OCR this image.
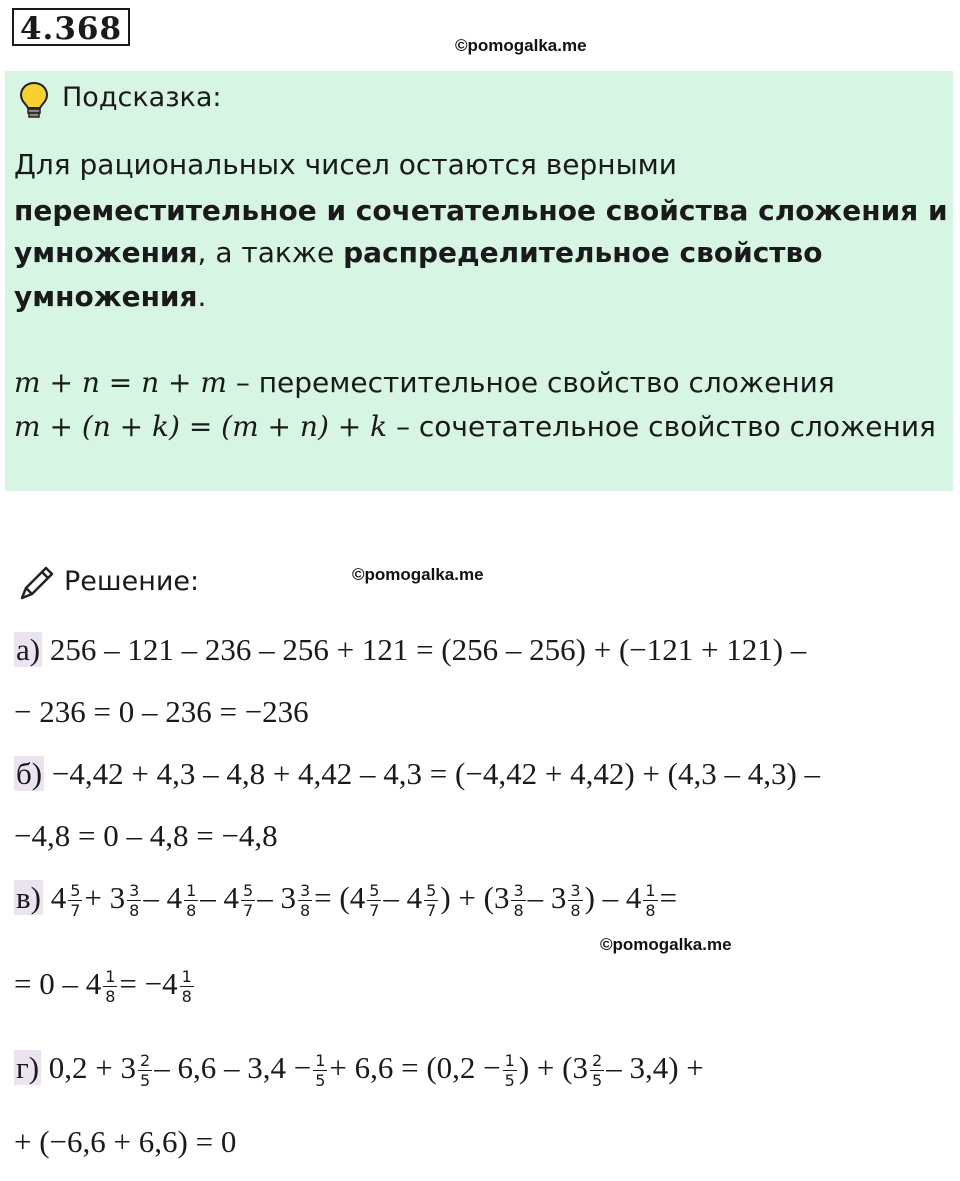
4.368	©pomogalka.me
Подсказка:
Для рациональных чисел остаются верными
переместительное и сочетательное свойства сложения и
умножения, а также распределительное свойство
умножения.
m + n = n + m – переместительное свойство сложения
m + (n + k) = (m + n) + k – сочетательное свойство сложения
Решение:	©pomogalka.me
а) 256 – 121 – 236 – 256 + 121 = (256 – 256) + (−121 + 121) –
− 236 = 0 – 236 = −236
б) −4,42 + 4,3 – 4,8 + 4,42 – 4,3 = (−4,42 + 4,42) + (4,3 – 4,3) –
−4,8 = 0 – 4,8 = −4,8
в) $4 \frac{5}{7} + 3 \frac{3}{8} - 4 \frac{1}{8} - 4 \frac{5}{7} - 3 \frac{3}{8} = (4 \frac{5}{7} - 4 \frac{5}{7}$ ) + ($3 \frac{3}{8} - 3 \frac{3}{8}$ ) – $4 \frac{1}{8}$ =
©pomogalka.me
= $0 - 4 \frac{1}{8} = -4 \frac{1}{8}$
г) $0,2 + 3 \frac{2}{5} - 6,6 - 3,4 - \frac{1}{5} + 6,6 = (0,2 - \frac{1}{5}$ ) + $(3 \frac{2}{5} - 3,4)$ +
+ (−6,6 + 6,6) = 0
